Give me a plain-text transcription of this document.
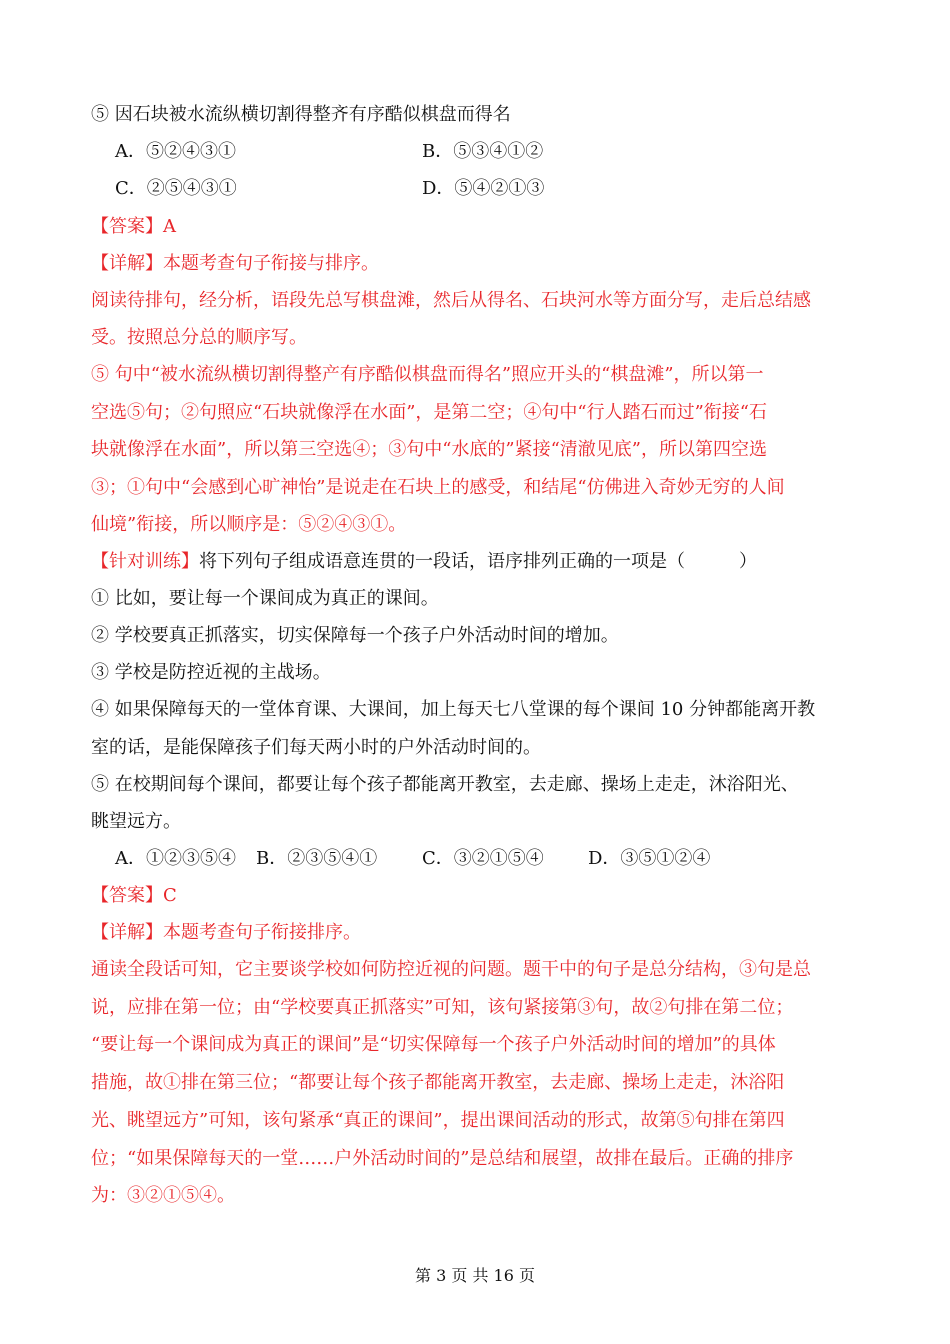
⑤ 因石块被水流纵横切割得整齐有序酷似棋盘而得名
A．⑤②④③①	B．⑤③④①②
C．②⑤④③①	D．⑤④②①③
【答案】A
【详解】本题考查句子衔接与排序。
阅读待排句，经分析，语段先总写棋盘滩，然后从得名、石块河水等方面分写，走后总结感
受。按照总分总的顺序写。
⑤ 句中“被水流纵横切割得整产有序酷似棋盘而得名”照应开头的“棋盘滩”，所以第一
空选⑤句；②句照应“石块就像浮在水面”，是第二空；④句中“行人踏石而过”衔接“石
块就像浮在水面”，所以第三空选④；③句中“水底的”紧接“清澈见底”，所以第四空选
③；①句中“会感到心旷神怡”是说走在石块上的感受，和结尾“仿佛进入奇妙无穷的人间
仙境”衔接，所以顺序是：⑤②④③①。
【针对训练】将下列句子组成语意连贯的一段话，语序排列正确的一项是（　　　）
① 比如，要让每一个课间成为真正的课间。
② 学校要真正抓落实，切实保障每一个孩子户外活动时间的增加。
③ 学校是防控近视的主战场。
④ 如果保障每天的一堂体育课、大课间，加上每天七八堂课的每个课间 10 分钟都能离开教
室的话，是能保障孩子们每天两小时的户外活动时间的。
⑤ 在校期间每个课间，都要让每个孩子都能离开教室，去走廊、操场上走走，沐浴阳光、
眺望远方。
A．①②③⑤④ B．②③⑤④① C．③②①⑤④ D．③⑤①②④
【答案】C
【详解】本题考查句子衔接排序。
通读全段话可知，它主要谈学校如何防控近视的问题。题干中的句子是总分结构，③句是总
说，应排在第一位；由“学校要真正抓落实”可知，该句紧接第③句，故②句排在第二位；
“要让每一个课间成为真正的课间”是“切实保障每一个孩子户外活动时间的增加”的具体
措施，故①排在第三位；“都要让每个孩子都能离开教室，去走廊、操场上走走，沐浴阳
光、眺望远方”可知，该句紧承“真正的课间”，提出课间活动的形式，故第⑤句排在第四
位；“如果保障每天的一堂……户外活动时间的”是总结和展望，故排在最后。正确的排序
为：③②①⑤④。
第 3 页 共 16 页
